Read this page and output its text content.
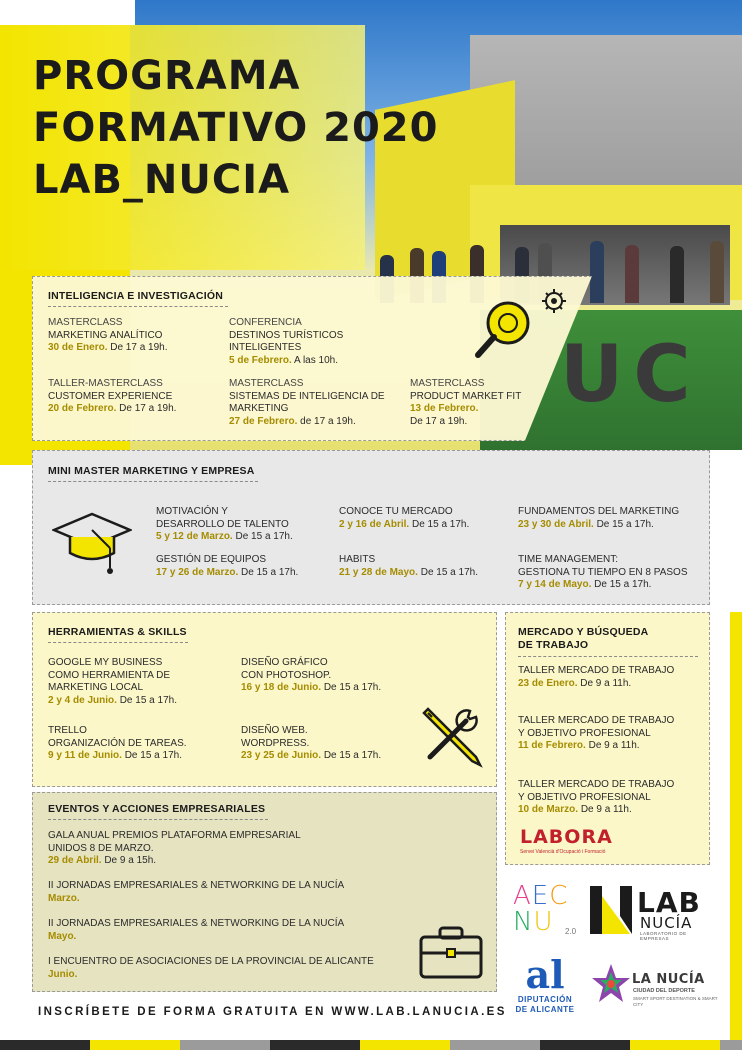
UC
PROGRAMA
FORMATIVO 2020
LAB_NUCIA
INTELIGENCIA E INVESTIGACIÓN
MASTERCLASS
MARKETING ANALÍTICO
30 de Enero. De 17 a 19h.
CONFERENCIA
DESTINOS TURÍSTICOS INTELIGENTES
5 de Febrero. A las 10h.
TALLER-MASTERCLASS
CUSTOMER EXPERIENCE
20 de Febrero. De 17 a 19h.
MASTERCLASS
SISTEMAS DE INTELIGENCIA DE MARKETING
27 de Febrero. de 17 a 19h.
MASTERCLASS
PRODUCT MARKET FIT
13 de Febrero.
De 17 a 19h.
MINI MASTER MARKETING Y EMPRESA
MOTIVACIÓN Y
DESARROLLO DE TALENTO
5 y 12 de Marzo. De 15 a 17h.
CONOCE TU MERCADO
2 y 16 de Abril. De 15 a 17h.
FUNDAMENTOS DEL MARKETING
23 y 30 de Abril. De 15 a 17h.
GESTIÓN DE EQUIPOS
17 y 26 de Marzo. De 15 a 17h.
HABITS
21 y 28 de Mayo. De 15 a 17h.
TIME MANAGEMENT:
GESTIONA TU TIEMPO EN 8 PASOS
7 y 14 de Mayo. De 15 a 17h.
HERRAMIENTAS & SKILLS
GOOGLE MY BUSINESS
COMO HERRAMIENTA DE
MARKETING LOCAL
2 y 4 de Junio. De 15 a 17h.
DISEÑO GRÁFICO
CON PHOTOSHOP.
16 y 18 de Junio. De 15 a 17h.
TRELLO
ORGANIZACIÓN DE TAREAS.
9 y 11 de Junio. De 15 a 17h.
DISEÑO WEB.
WORDPRESS.
23 y 25 de Junio. De 15 a 17h.
MERCADO Y BÚSQUEDA
DE TRABAJO
TALLER MERCADO DE TRABAJO
23 de Enero. De 9 a 11h.
TALLER MERCADO DE TRABAJO
Y OBJETIVO PROFESIONAL
11 de Febrero. De 9 a 11h.
TALLER MERCADO DE TRABAJO
Y OBJETIVO PROFESIONAL
10 de Marzo. De 9 a 11h.
LABORA
Servei Valencià d'Ocupació i Formació
EVENTOS Y ACCIONES EMPRESARIALES
GALA ANUAL PREMIOS PLATAFORMA EMPRESARIAL
UNIDOS 8 DE MARZO.
29 de Abril. De 9 a 15h.
II JORNADAS EMPRESARIALES & NETWORKING DE LA NUCÍA
Marzo.
II JORNADAS EMPRESARIALES & NETWORKING DE LA NUCÍA
Mayo.
I ENCUENTRO DE ASOCIACIONES DE LA PROVINCIAL DE ALICANTE
Junio.
AEC
NU	2.0
LAB
NUCÍA
LABORATORIO DE EMPRESAS
al
DIPUTACIÓN
DE ALICANTE
LA NUCÍA
CIUDAD DEL DEPORTE
SMART SPORT DESTINATION & SMART CITY
INSCRÍBETE DE FORMA GRATUITA EN WWW.LAB.LANUCIA.ES
